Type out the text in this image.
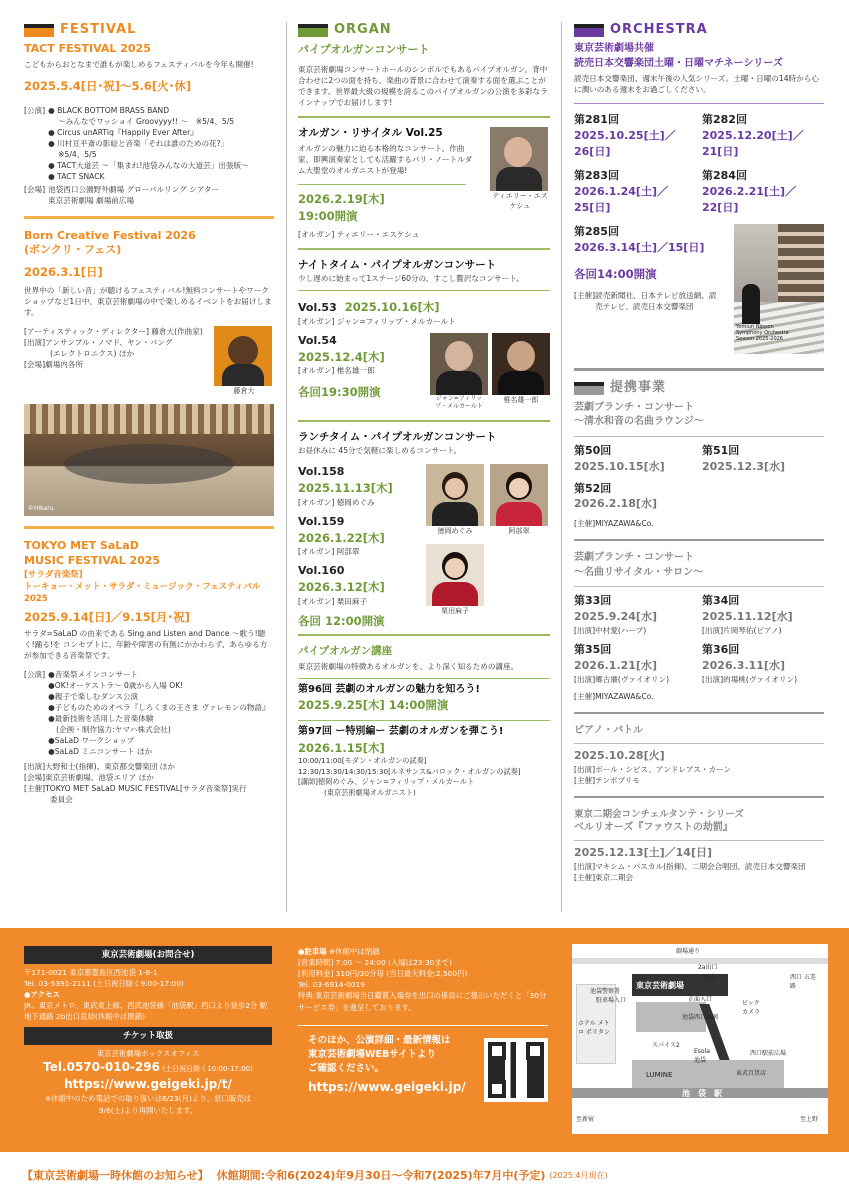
FESTIVAL
TACT FESTIVAL 2025
こどもからおとなまで誰もが楽しめるフェスティバルを今年も開催!
2025.5.4[日･祝]〜5.6[火･休]
[公演] ● BLACK BOTTOM BRASS BAND
〜みんなでワッショイ Groovyyy!! 〜　※5/4、5/5
● Circus unARTiq『Happily Ever After』
● 川村亘平斎の影絵と音楽「それは誰のための花?」
※5/4、5/5
● TACT大道芸 〜「集まれ!池袋みんなの大道芸」出張版〜
● TACT SNACK
[会場] 池袋西口公園野外劇場 グローバルリング シアター
東京芸術劇場 劇場前広場
Born Creative Festival 2026
(ボンクリ・フェス)
2026.3.1[日]
世界中の「新しい音」が聴けるフェスティバル!無料コンサートやワークショップなど1日中、東京芸術劇場の中で楽しめるイベントをお届けします。
[アーティスティック・ディレクター] 藤倉大(作曲家)
[出演]アンサンブル・ノマド、ヤン・バング
(エレクトロニクス) ほか
[会場]劇場内各所
藤倉大
©Hikaru.
TOKYO MET SaLaD
MUSIC FESTIVAL 2025
[サラダ音楽祭]
トーキョー・メット・サラダ・ミュージック・フェスティバル 2025
2025.9.14[日]／9.15[月･祝]
サラダ=SaLaD の由来である Sing and Listen and Dance 〜歌う!聴く!踊る!を コンセプトに、年齢や障害の有無にかかわらず、あらゆる方が参加できる音楽祭です。
[公演] ●音楽祭メインコンサート
●OK!オーケストラ〜 0歳から入場 OK!
●親子で楽しむダンス公演
●子どものためのオペラ『しろくまの王さま ヴァレモンの物語』
●最新技術を活用した音楽体験
(企画・制作協力:ヤマハ株式会社)
●SaLaD ワークショップ
●SaLaD ミニコンサート ほか
[出演]大野和士(指揮)、東京都交響楽団 ほか
[会場]東京芸術劇場、池袋エリア ほか
[主催]TOKYO MET SaLaD MUSIC FESTIVAL[サラダ音楽祭]実行
委員会
ORGAN
パイプオルガンコンサート
東京芸術劇場コンサートホールのシンボルでもあるパイプオルガン。背中合わせに2つの面を持ち、楽曲の背景に合わせて演奏する面を選ぶことができます。世界最大級の規模を誇るこのパイプオルガンの公演を多彩なラインナップでお届けします!
オルガン・リサイタル Vol.25
オルガンの魅力に迫る本格的なコンサート。作曲家、即興演奏家としても活躍するパリ・ノートルダム大聖堂のオルガニストが登場!
2026.2.19[木]
19:00開演
[オルガン] ティエリー・エスケシュ
ティエリー・エスケシュ
ナイトタイム・パイプオルガンコンサート
少し遅めに始まって1ステージ60分の、すこし贅沢なコンサート。
Vol.53 2025.10.16[木]
[オルガン] ジャン=フィリップ・メルカールト
Vol.54
2025.12.4[木]
[オルガン] 椎名雄一郎
各回19:30開演	ジャン=フィリップ・メルカールト
椎名雄一郎
ランチタイム・パイプオルガンコンサート
お昼休みに 45分で気軽に楽しめるコンサート。
Vol.158
2025.11.13[木]
[オルガン] 徳岡めぐみ
Vol.159
2026.1.22[木]
[オルガン] 阿部翠
Vol.160
2026.3.12[木]
[オルガン] 栗田麻子
各回 12:00開演
徳岡めぐみ	阿部翠
栗田麻子
パイプオルガン講座
東京芸術劇場の特徴あるオルガンを、より深く知るための講座。
第96回 芸劇のオルガンの魅力を知ろう!
2025.9.25[木] 14:00開演
第97回 ー特別編ー 芸劇のオルガンを弾こう!
2026.1.15[木]
10:00/11:00[モダン・オルガンの試奏]
12:30/13:30/14:30/15:30[ルネサンス&バロック・オルガンの試奏]
[講師]徳岡めぐみ、ジャン=フィリップ・メルカールト
(東京芸術劇場オルガニスト)
ORCHESTRA
東京芸術劇場共催
読売日本交響楽団土曜・日曜マチネーシリーズ
読売日本交響楽団、週末午後の人気シリーズ。土曜・日曜の14時から心に潤いのある週末をお過ごしください。
第281回
2025.10.25[土]／26[日]
第282回
2025.12.20[土]／21[日]
第283回
2026.1.24[土]／25[日]
第284回
2026.2.21[土]／22[日]
第285回
2026.3.14[土]／15[日]
各回14:00開演
[主催] 読売新聞社、日本テレビ放送網、読売テレビ、読売日本交響楽団
Yomiuri Nippon Symphony Orchestra Season 2025-2026
提携事業
芸劇ブランチ・コンサート
〜清水和音の名曲ラウンジ〜
第50回
2025.10.15[水]
第51回
2025.12.3[水]
第52回
2026.2.18[水]
[主催]MIYAZAWA&Co.
芸劇ブランチ・コンサート
〜名曲リサイタル・サロン〜
第33回
2025.9.24[水]
[出演]中村愛(ハープ)
第34回
2025.11.12[水]
[出演]片岡琴佑(ピアノ)
第35回
2026.1.21[水]
[出演]郷古廉(ヴァイオリン)
第36回
2026.3.11[水]
[出演]的場桃(ヴァイオリン)
[主催]MIYAZAWA&Co.
ピアノ・バトル
2025.10.28[火]
[出演]ボール・シビス、アンドレアス・カーン
[主催]テンポプリモ
東京二期会コンチェルタンテ・シリーズ
ベルリオーズ『ファウストの劫罰』
2025.12.13[土]／14[日]
[出演]マキシム・パスカル(指揮)、二期会合唱団、読売日本交響楽団
[主催]東京二期会
東京芸術劇場(お問合せ)
〒171-0021 東京都豊島区西池袋 1-8-1
Tel. 03-5391-2111 (土日祝日除く9:00-17:00)
●アクセス
JR、東京メトロ、東武東上線、西武池袋線「池袋駅」西口より徒歩2分 駅地下通路 2b出口直結(休館中は閉鎖)
チケット取扱
東京芸術劇場ボックスオフィス
Tel.0570-010-296 (土日祝日除く10:00-17:00)
https://www.geigeki.jp/t/
※休館中のため電話での取り扱いは6/23(月)より、窓口販売は9/6(土)より再開いたします。
●駐車場 ※休館中は閉鎖
[営業時間] 7:00 〜 24:00 (入場は23:30まで)
[利用料金] 310円/30分毎 (当日最大料金:2,500円)
Tel. 03-6914-0019
特典:東京芸術劇場当日鑑賞入場券を出口の係員にご提示いただくと「30分サービス券」を進呈しております。
そのほか、公演詳細・最新情報は
東京芸術劇場WEBサイトより
ご確認ください。
https://www.geigeki.jp/
劇場通り
池袋警察署
駐車場入口
東京芸術劇場
ホテル メトロ ポリタン
2a出口
2b出口
正面入口
池袋西口公園
ビック カメラ
西口 五差路
スパイス2
Esola 池袋
西口駅前広場
LUMINE	東武百貨店
池　袋　駅
至新宿	至上野
【東京芸術劇場一時休館のお知らせ】 休館期間:令和6(2024)年9月30日〜令和7(2025)年7月中(予定) (2025.4月現在)
